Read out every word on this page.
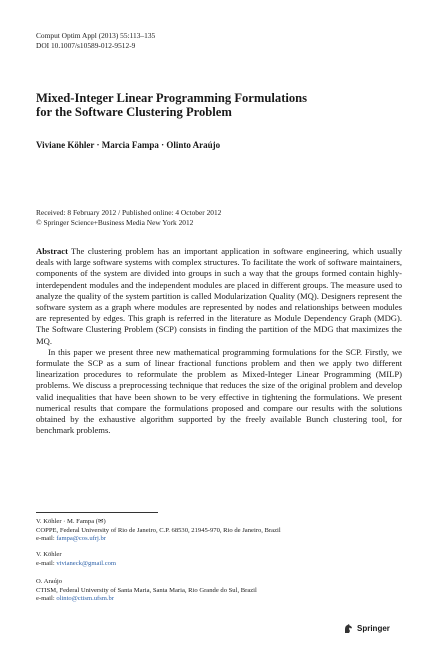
Comput Optim Appl (2013) 55:113–135
DOI 10.1007/s10589-012-9512-9
Mixed-Integer Linear Programming Formulations
for the Software Clustering Problem
Viviane Köhler · Marcia Fampa · Olinto Araújo
Received: 8 February 2012 / Published online: 4 October 2012
© Springer Science+Business Media New York 2012

Abstract The clustering problem has an important application in software engineering, which usually deals with large software systems with complex structures. To facilitate the work of software maintainers, components of the system are divided into groups in such a way that the groups formed contain highly-interdependent modules and the independent modules are placed in different groups. The measure used to analyze the quality of the system partition is called Modularization Quality (MQ). Designers represent the software system as a graph where modules are represented by nodes and relationships between modules are represented by edges. This graph is referred in the literature as Module Dependency Graph (MDG). The Software Clustering Problem (SCP) consists in finding the partition of the MDG that maximizes the MQ.

In this paper we present three new mathematical programming formulations for the SCP. Firstly, we formulate the SCP as a sum of linear fractional functions problem and then we apply two different linearization procedures to reformulate the problem as Mixed-Integer Linear Programming (MILP) problems. We discuss a preprocessing technique that reduces the size of the original problem and develop valid inequalities that have been shown to be very effective in tightening the formulations. We present numerical results that compare the formulations proposed and compare our results with the solutions obtained by the exhaustive algorithm supported by the freely available Bunch clustering tool, for benchmark problems.

V. Köhler · M. Fampa (✉)
COPPE, Federal University of Rio de Janeiro, C.P. 68530, 21945-970, Rio de Janeiro, Brazil
e-mail: fampa@cos.ufrj.br
V. Köhler
e-mail: vivianeck@gmail.com
O. Araújo
CTISM, Federal University of Santa Maria, Santa Maria, Rio Grande do Sul, Brazil
e-mail: olinto@ctism.ufsm.br
Springer
